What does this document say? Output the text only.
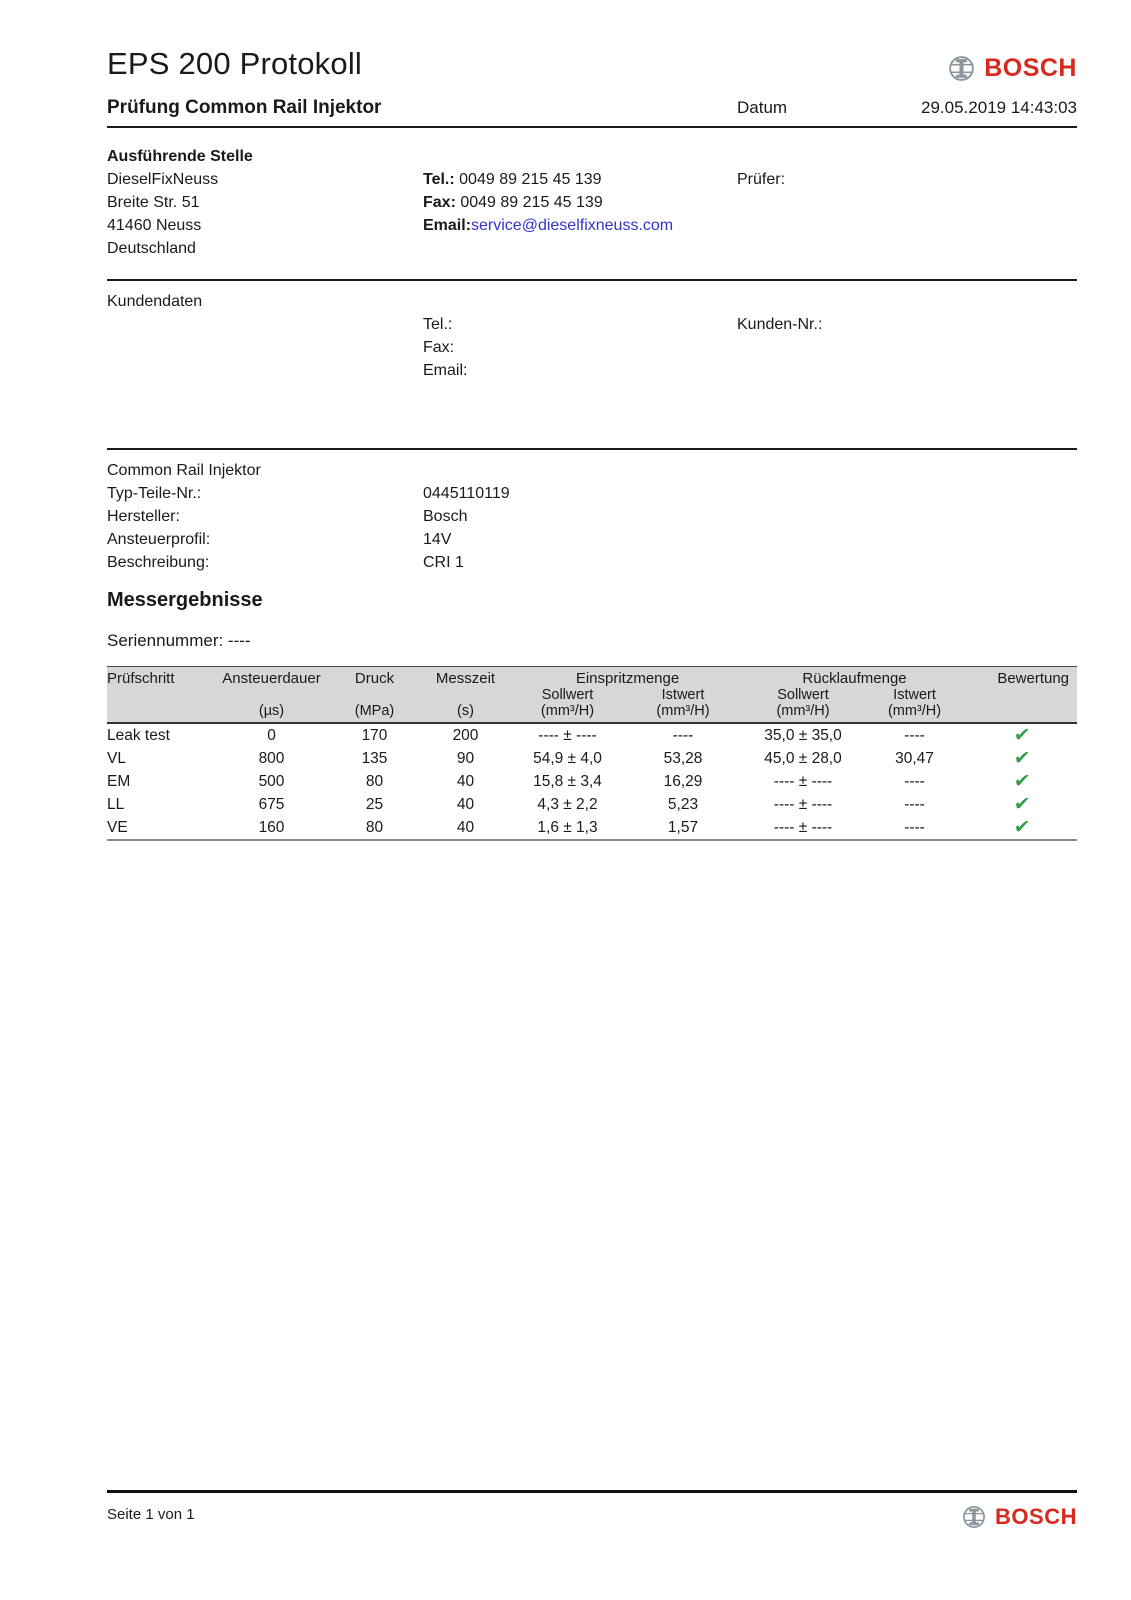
EPS 200 Protokoll	BOSCH
Prüfung Common Rail Injektor	Datum	29.05.2019 14:43:03
Ausführende Stelle
DieselFixNeuss
Breite Str. 51
41460 Neuss
Deutschland
Tel.: 0049 89 215 45 139
Fax: 0049 89 215 45 139
Email:service@dieselfixneuss.com
Prüfer:
Kundendaten
Tel.:
Fax:
Email:
Kunden-Nr.:
Common Rail Injektor
Typ-Teile-Nr.:	0445110119
Hersteller:	Bosch
Ansteuerprofil:	14V
Beschreibung:	CRI 1
Messergebnisse
Seriennummer: ----
Prüfschritt	Ansteuerdauer	Druck	Messzeit	Einspritzmenge		Rücklaufmenge		Bewertung
				Sollwert	Istwert	Sollwert	Istwert	
	(µs)	(MPa)	(s)	(mm³/H)	(mm³/H)	(mm³/H)	(mm³/H)	
Leak test	0	170	200	---- ± ----	----	35,0 ± 35,0	----	✔
VL	800	135	90	54,9 ± 4,0	53,28	45,0 ± 28,0	30,47	✔
EM	500	80	40	15,8 ± 3,4	16,29	---- ± ----	----	✔
LL	675	25	40	4,3 ± 2,2	5,23	---- ± ----	----	✔
VE	160	80	40	1,6 ± 1,3	1,57	---- ± ----	----	✔
Seite 1 von 1	BOSCH
